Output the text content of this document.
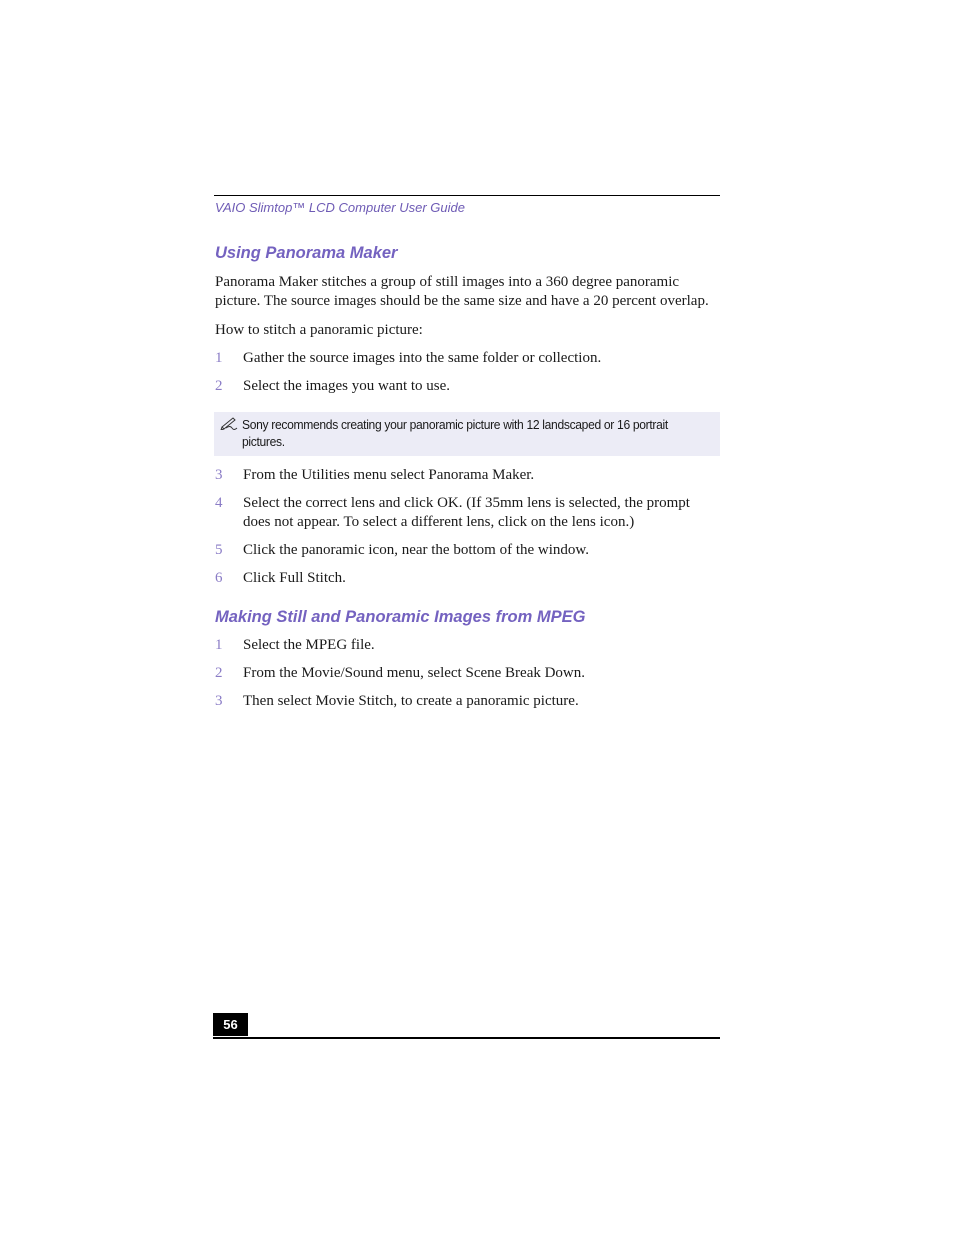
VAIO Slimtop™ LCD Computer User Guide
Using Panorama Maker

Panorama Maker stitches a group of still images into a 360 degree panoramic picture. The source images should be the same size and have a 20 percent overlap.

How to stitch a panoramic picture:

1	Gather the source images into the same folder or collection.
2	Select the images you want to use.
Sony recommends creating your panoramic picture with 12 landscaped or 16 portrait pictures.
3	From the Utilities menu select Panorama Maker.
4	Select the correct lens and click OK. (If 35mm lens is selected, the prompt does not appear. To select a different lens, click on the lens icon.)
5	Click the panoramic icon, near the bottom of the window.
6	Click Full Stitch.
Making Still and Panoramic Images from MPEG
1	Select the MPEG file.
2	From the Movie/Sound menu, select Scene Break Down.
3	Then select Movie Stitch, to create a panoramic picture.
56
